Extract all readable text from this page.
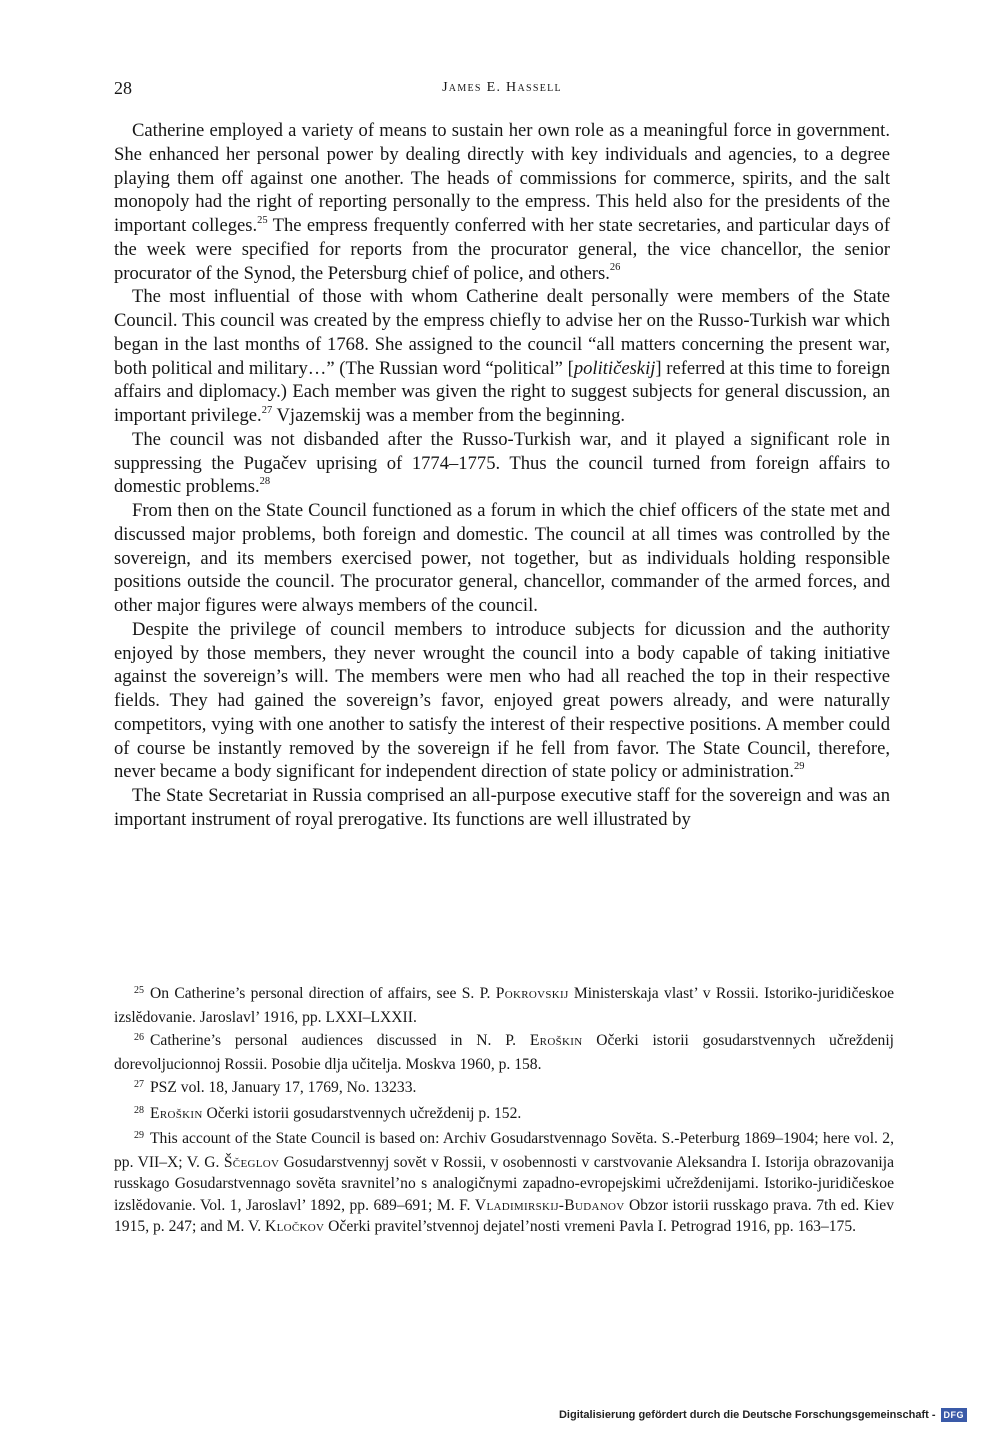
28	James E. Hassell

Catherine employed a variety of means to sustain her own role as a meaningful force in government. She enhanced her personal power by dealing directly with key individuals and agencies, to a degree playing them off against one another. The heads of commissions for commerce, spirits, and the salt monopoly had the right of reporting personally to the empress. This held also for the presidents of the important colleges.$^{25}$ The empress frequently conferred with her state secretaries, and particular days of the week were specified for reports from the procurator general, the vice chancellor, the senior procurator of the Synod, the Petersburg chief of police, and others.$^{26}$

The most influential of those with whom Catherine dealt personally were members of the State Council. This council was created by the empress chiefly to advise her on the Russo-Turkish war which began in the last months of 1768. She assigned to the council “all matters concerning the present war, both political and military…” (The Russian word “political” [političeskij] referred at this time to foreign affairs and diplomacy.) Each member was given the right to suggest subjects for general discussion, an important privilege.$^{27}$ Vjazemskij was a member from the beginning.

The council was not disbanded after the Russo-Turkish war, and it played a significant role in suppressing the Pugačev uprising of 1774–1775. Thus the council turned from foreign affairs to domestic problems.$^{28}$

From then on the State Council functioned as a forum in which the chief officers of the state met and discussed major problems, both foreign and domestic. The council at all times was controlled by the sovereign, and its members exercised power, not together, but as individuals holding responsible positions outside the council. The procurator general, chancellor, commander of the armed forces, and other major figures were always members of the council.

Despite the privilege of council members to introduce subjects for dicussion and the authority enjoyed by those members, they never wrought the council into a body capable of taking initiative against the sovereign’s will. The members were men who had all reached the top in their respective fields. They had gained the sovereign’s favor, enjoyed great powers already, and were naturally competitors, vying with one another to satisfy the interest of their respective positions. A member could of course be instantly removed by the sovereign if he fell from favor. The State Council, therefore, never became a body significant for independent direction of state policy or administration.$^{29}$

The State Secretariat in Russia comprised an all-purpose executive staff for the sovereign and was an important instrument of royal prerogative. Its functions are well illustrated by

$^{25}$ On Catherine’s personal direction of affairs, see S. P. Pokrovskij Ministerskaja vlast’ v Rossii. Istoriko-juridičeskoe izslĕdovanie. Jaroslavl’ 1916, pp. LXXI–LXXII.

$^{26}$ Catherine’s personal audiences discussed in N. P. Eroškin Očerki istorii gosudarstvennych učreždenij dorevoljucionnoj Rossii. Posobie dlja učitelja. Moskva 1960, p. 158.

$^{27}$ PSZ vol. 18, January 17, 1769, No. 13233.

$^{28}$ Eroškin Očerki istorii gosudarstvennych učreždenij p. 152.

$^{29}$ This account of the State Council is based on: Archiv Gosudarstvennago Sovĕta. S.-Peterburg 1869–1904; here vol. 2, pp. VII–X; V. G. Ščeglov Gosudarstvennyj sovĕt v Rossii, v osobennosti v carstvovanie Aleksandra I. Istorija obrazovanija russkago Gosudarstvennago sovĕta sravnitel’no s analogičnymi zapadno-evropejskimi učreždenijami. Istoriko-juridičeskoe izslĕdovanie. Vol. 1, Jaroslavl’ 1892, pp. 689–691; M. F. Vladimirskij-Budanov Obzor istorii russkago prava. 7th ed. Kiev 1915, p. 247; and M. V. Kločkov Očerki pravitel’stvennoj dejatel’nosti vremeni Pavla I. Petrograd 1916, pp. 163–175.

Digitalisierung gefördert durch die Deutsche Forschungsgemeinschaft - DFG
